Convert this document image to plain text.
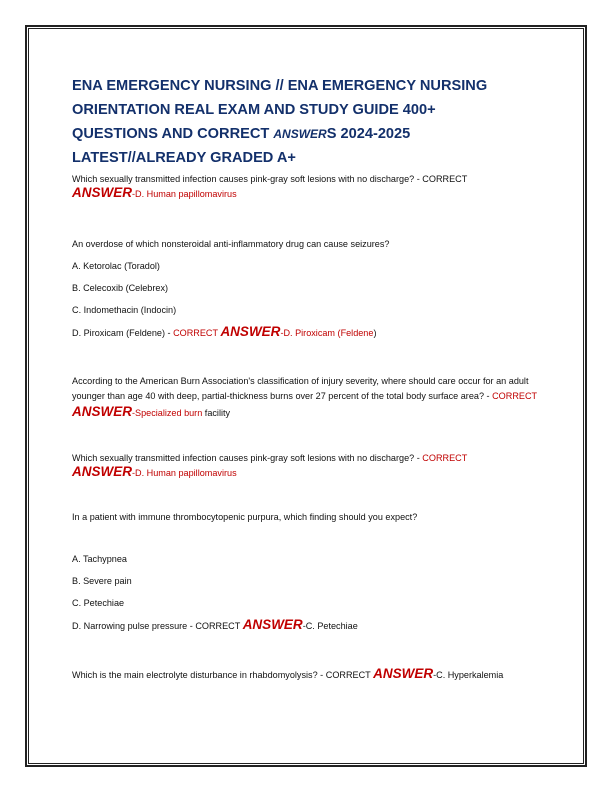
ENA EMERGENCY NURSING // ENA EMERGENCY NURSING
ORIENTATION REAL EXAM AND STUDY GUIDE 400+
QUESTIONS AND CORRECT ANSWERS 2024-2025
LATEST//ALREADY GRADED A+

Which sexually transmitted infection causes pink-gray soft lesions with no discharge? - CORRECT
ANSWER-D. Human papillomavirus

An overdose of which nonsteroidal anti-inflammatory drug can cause seizures?

A. Ketorolac (Toradol)

B. Celecoxib (Celebrex)

C. Indomethacin (Indocin)

D. Piroxicam (Feldene) - CORRECT ANSWER-D. Piroxicam (Feldene)

According to the American Burn Association's classification of injury severity, where should care occur for an adult younger than age 40 with deep, partial-thickness burns over 27 percent of the total body surface area? - CORRECT ANSWER-Specialized burn facility

Which sexually transmitted infection causes pink-gray soft lesions with no discharge? - CORRECT
ANSWER-D. Human papillomavirus

In a patient with immune thrombocytopenic purpura, which finding should you expect?

A. Tachypnea

B. Severe pain

C. Petechiae

D. Narrowing pulse pressure - CORRECT ANSWER-C. Petechiae

Which is the main electrolyte disturbance in rhabdomyolysis? - CORRECT ANSWER-C. Hyperkalemia
